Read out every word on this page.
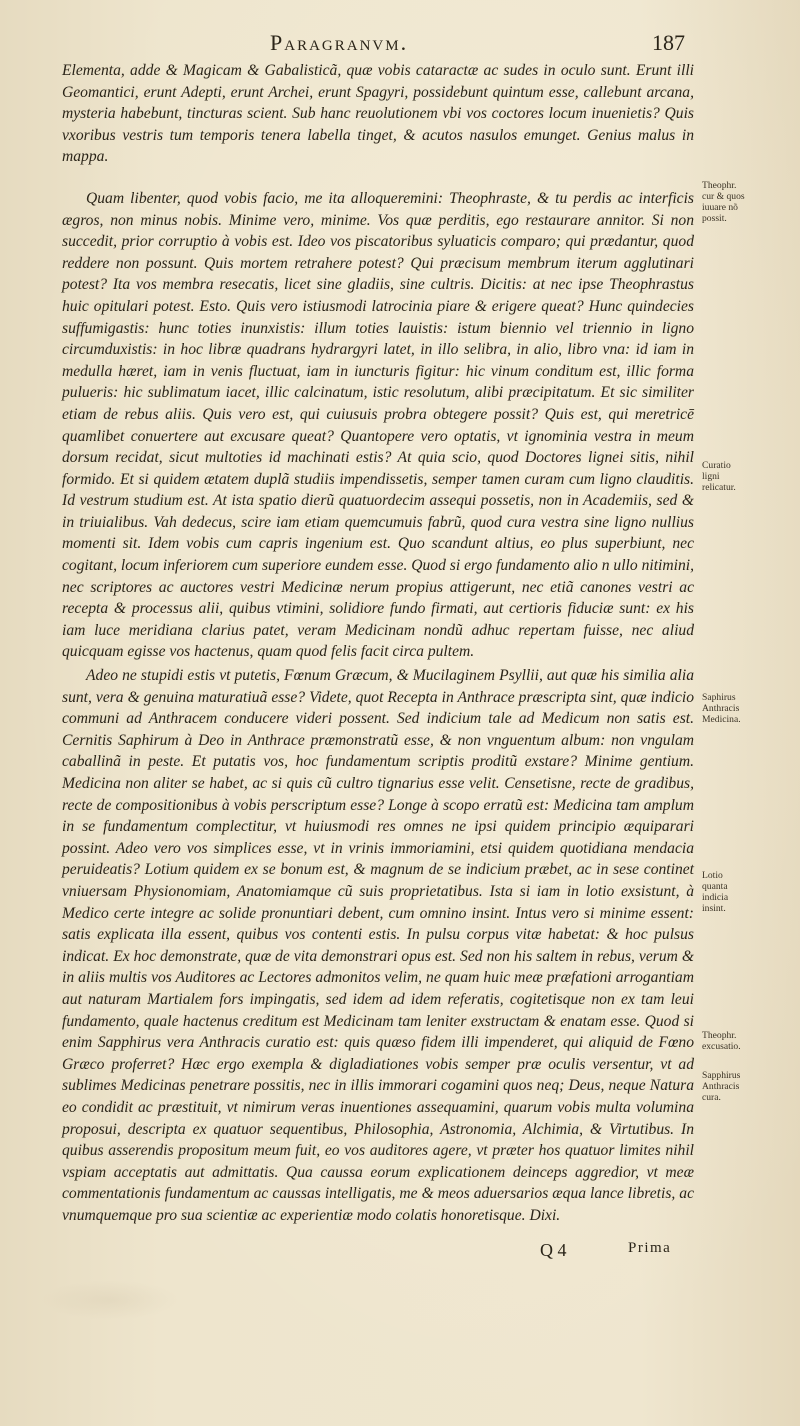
Paragranvm.	187

Elementa, adde & Magicam & Gabalisticã, quæ vobis cataractæ ac sudes in oculo sunt. Erunt illi Geomantici, erunt Adepti, erunt Archei, erunt Spagyri, possidebunt quintum esse, callebunt arcana, mysteria habebunt, tincturas scient. Sub hanc reuolutionem vbi vos coctores locum inuenietis? Quis vxoribus vestris tum temporis tenera labella tinget, & acutos nasulos emunget. Genius malus in mappa.

Quam libenter, quod vobis facio, me ita alloqueremini: Theophraste, & tu perdis ac interficis ægros, non minus nobis. Minime vero, minime. Vos quæ perditis, ego restaurare annitor. Si non succedit, prior corruptio à vobis est. Ideo vos piscatoribus syluaticis comparo; qui prædantur, quod reddere non possunt. Quis mortem retrahere potest? Qui præcisum membrum iterum agglutinari potest? Ita vos membra resecatis, licet sine gladiis, sine cultris. Dicitis: at nec ipse Theophrastus huic opitulari potest. Esto. Quis vero istiusmodi latrocinia piare & erigere queat? Hunc quindecies suffumigastis: hunc toties inunxistis: illum toties lauistis: istum biennio vel triennio in ligno circumduxistis: in hoc libræ quadrans hydrargyri latet, in illo selibra, in alio, libro vna: id iam in medulla hæret, iam in venis fluctuat, iam in iuncturis figitur: hic vinum conditum est, illic forma pulueris: hic sublimatum iacet, illic calcinatum, istic resolutum, alibi præcipitatum. Et sic similiter etiam de rebus aliis. Quis vero est, qui cuiusuis probra obtegere possit? Quis est, qui meretricē quamlibet conuertere aut excusare queat? Quantopere vero optatis, vt ignominia vestra in meum dorsum recidat, sicut multoties id machinati estis? At quia scio, quod Doctores lignei sitis, nihil formido. Et si quidem ætatem duplã studiis impendissetis, semper tamen curam cum ligno clauditis. Id vestrum studium est. At ista spatio dierũ quatuordecim assequi possetis, non in Academiis, sed & in triuialibus. Vah dedecus, scire iam etiam quemcumuis fabrũ, quod cura vestra sine ligno nullius momenti sit. Idem vobis cum capris ingenium est. Quo scandunt altius, eo plus superbiunt, nec cogitant, locum inferiorem cum superiore eundem esse. Quod si ergo fundamento alio n ullo nitimini, nec scriptores ac auctores vestri Medicinæ nerum propius attigerunt, nec etiã canones vestri ac recepta & processus alii, quibus vtimini, solidiore fundo firmati, aut certioris fiduciæ sunt: ex his iam luce meridiana clarius patet, veram Medicinam nondũ adhuc repertam fuisse, nec aliud quicquam egisse vos hactenus, quam quod felis facit circa pultem.

Adeo ne stupidi estis vt putetis, Fœnum Græcum, & Mucilaginem Psyllii, aut quæ his similia alia sunt, vera & genuina maturatiuã esse? Videte, quot Recepta in Anthrace præscripta sint, quæ indicio communi ad Anthracem conducere videri possent. Sed indicium tale ad Medicum non satis est. Cernitis Saphirum à Deo in Anthrace præmonstratũ esse, & non vnguentum album: non vngulam caballinã in peste. Et putatis vos, hoc fundamentum scriptis proditũ exstare? Minime gentium. Medicina non aliter se habet, ac si quis cũ cultro tignarius esse velit. Censetisne, recte de gradibus, recte de compositionibus à vobis perscriptum esse? Longe à scopo erratũ est: Medicina tam amplum in se fundamentum complectitur, vt huiusmodi res omnes ne ipsi quidem principio æquiparari possint. Adeo vero vos simplices esse, vt in vrinis immoriamini, etsi quidem quotidiana mendacia peruideatis? Lotium quidem ex se bonum est, & magnum de se indicium præbet, ac in sese continet vniuersam Physionomiam, Anatomiamque cũ suis proprietatibus. Ista si iam in lotio exsistunt, à Medico certe integre ac solide pronuntiari debent, cum omnino insint. Intus vero si minime essent: satis explicata illa essent, quibus vos contenti estis. In pulsu corpus vitæ habetat: & hoc pulsus indicat. Ex hoc demonstrate, quæ de vita demonstrari opus est. Sed non his saltem in rebus, verum & in aliis multis vos Auditores ac Lectores admonitos velim, ne quam huic meæ præfationi arrogantiam aut naturam Martialem fors impingatis, sed idem ad idem referatis, cogitetisque non ex tam leui fundamento, quale hactenus creditum est Medicinam tam leniter exstructam & enatam esse. Quod si enim Sapphirus vera Anthracis curatio est: quis quæso fidem illi impenderet, qui aliquid de Fœno Græco proferret? Hæc ergo exempla & digladiationes vobis semper præ oculis versentur, vt ad sublimes Medicinas penetrare possitis, nec in illis immorari cogamini quos neq; Deus, neque Natura eo condidit ac præstituit, vt nimirum veras inuentiones assequamini, quarum vobis multa volumina proposui, descripta ex quatuor sequentibus, Philosophia, Astronomia, Alchimia, & Virtutibus. In quibus asserendis propositum meum fuit, eo vos auditores agere, vt præter hos quatuor limites nihil vspiam acceptatis aut admittatis. Qua caussa eorum explicationem deinceps aggredior, vt meæ commentationis fundamentum ac caussas intelligatis, me & meos aduersarios æqua lance libretis, ac vnumquemque pro sua scientiæ ac experientiæ modo colatis honoretisque. Dixi.

Theophr. cur & quos iuuare nõ possit.
Curatio ligni relicatur.
Saphirus Anthracis Medicina.
Lotio quanta indicia insint.
Theophr. excusatio.
Sapphirus Anthracis cura.
Q 4	Prima
